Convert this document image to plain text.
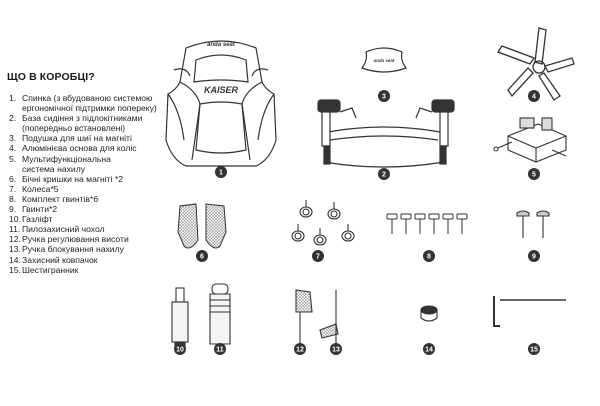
ЩО В КОРОБЦІ?
1. Спинка (з вбудованою системою
ергономічної підтримки поперeку)
2. База сидіння з підлокітниками
(попередньо встановлені)
3. Подушка для шиї на магніті
4. Алюмінієва основа для коліс
5. Мультифункціональна
система нахилу
6. Бічні кришки на магніті *2
7. Колеса*5
8. Комплект гвинтів*6
9. Гвинти*2
10.Газліфт
11. Пилозахисний чохол
12.Ручка регулювання висоти
13.Ручка блокування нахилу
14.Захисний ковпачок
15.Шестигранник
anda seat
KAISER
anda seat
1	2
3	4
5
6	7	8	9
10	11	12	13	14	15
